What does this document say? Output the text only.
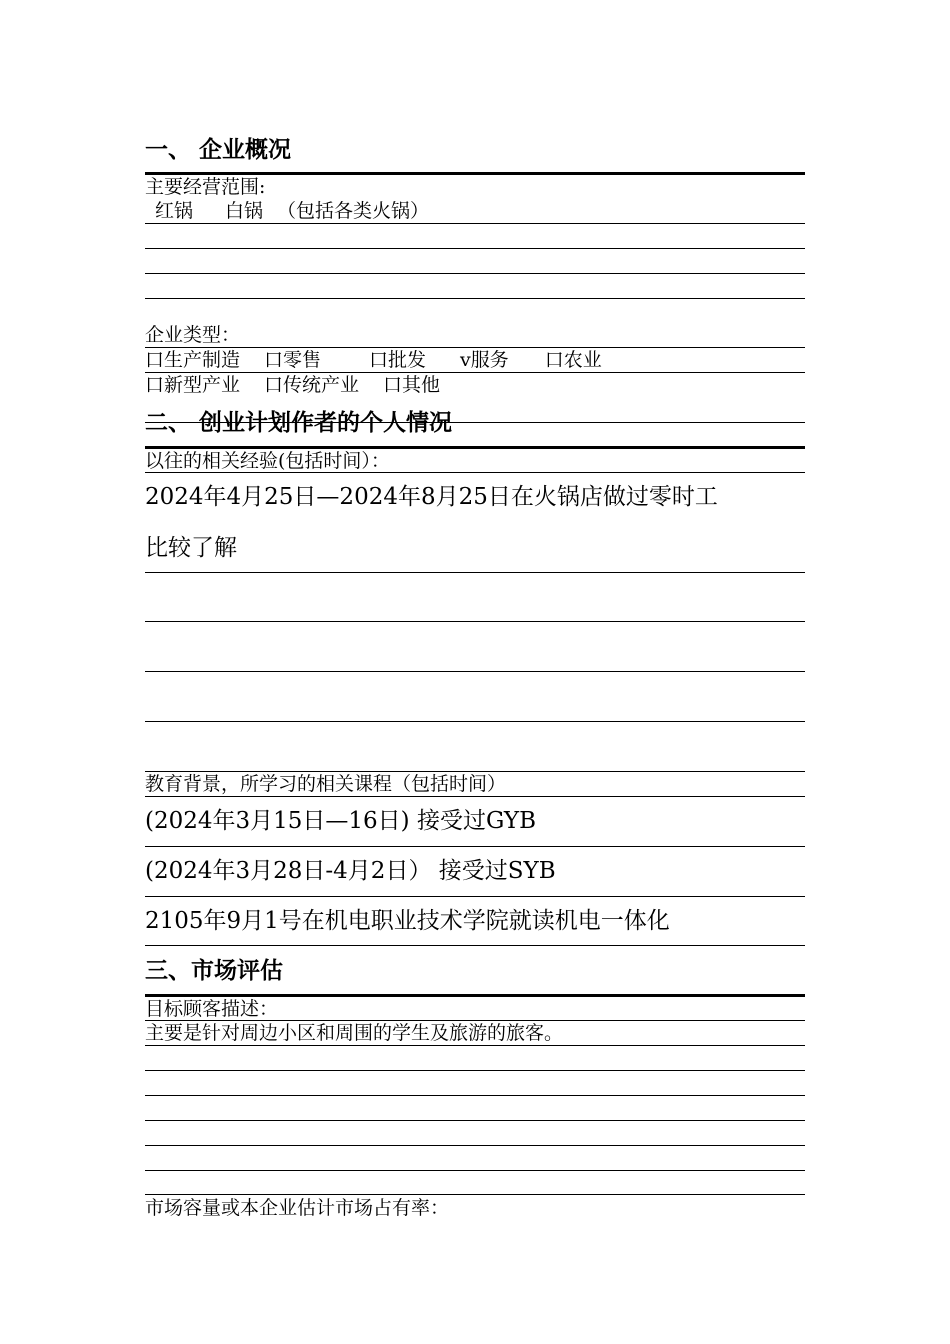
一、 企业概况
主要经营范围:
红锅 白锅 （包括各类火锅）
企业类型：
口生产制造 口零售	口批发 v服务 口农业
口新型产业 口传统产业 口其他
二、 创业计划作者的个人情况
以往的相关经验(包括时间）：
2024年4月25日—2024年8月25日在火锅店做过零时工
比较了解
教育背景，所学习的相关课程（包括时间）
(2024年3月15日—16日) 接受过GYB
(2024年3月28日-4月2日） 接受过SYB
2105年9月1号在机电职业技术学院就读机电一体化
三、市场评估
目标顾客描述：
主要是针对周边小区和周围的学生及旅游的旅客。
市场容量或本企业估计市场占有率：
